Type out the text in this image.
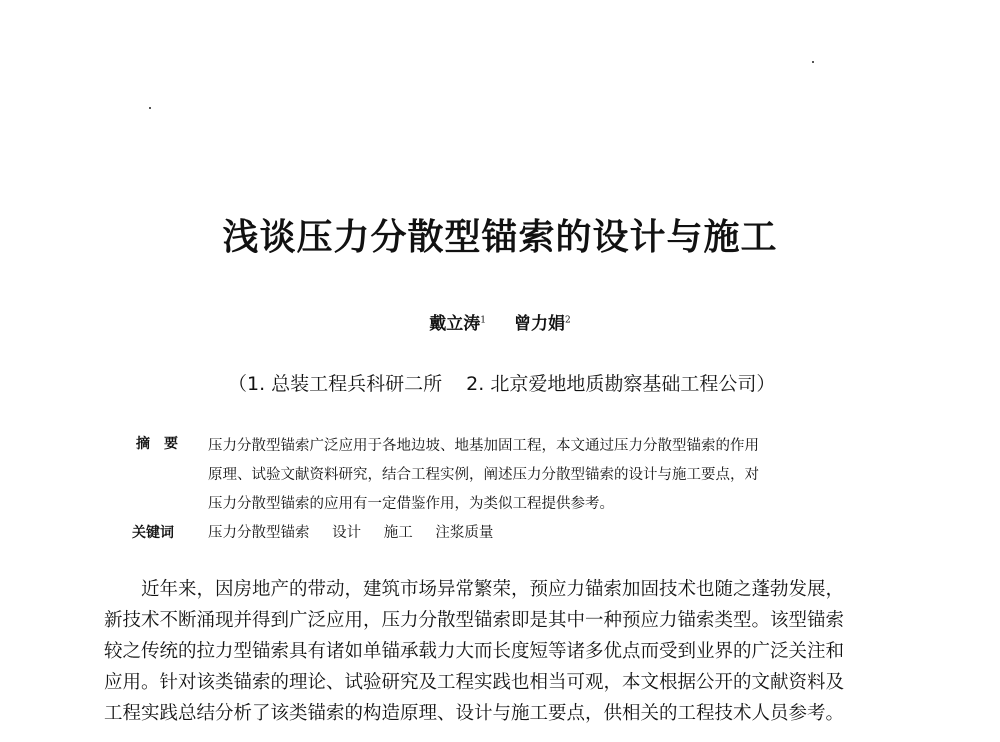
浅谈压力分散型锚索的设计与施工
戴立涛$^1$ 曾力娟$^2$
（1. 总装工程兵科研二所 2. 北京爱地地质勘察基础工程公司）
摘要 压力分散型锚索广泛应用于各地边坡、地基加固工程，本文通过压力分散型锚索的作用
原理、试验文献资料研究，结合工程实例，阐述压力分散型锚索的设计与施工要点，对
压力分散型锚索的应用有一定借鉴作用，为类似工程提供参考。
关键词 压力分散型锚索 设计 施工 注浆质量
近年来，因房地产的带动，建筑市场异常繁荣，预应力锚索加固技术也随之蓬勃发展，
新技术不断涌现并得到广泛应用，压力分散型锚索即是其中一种预应力锚索类型。该型锚索
较之传统的拉力型锚索具有诸如单锚承载力大而长度短等诸多优点而受到业界的广泛关注和
应用。针对该类锚索的理论、试验研究及工程实践也相当可观，本文根据公开的文献资料及
工程实践总结分析了该类锚索的构造原理、设计与施工要点，供相关的工程技术人员参考。
